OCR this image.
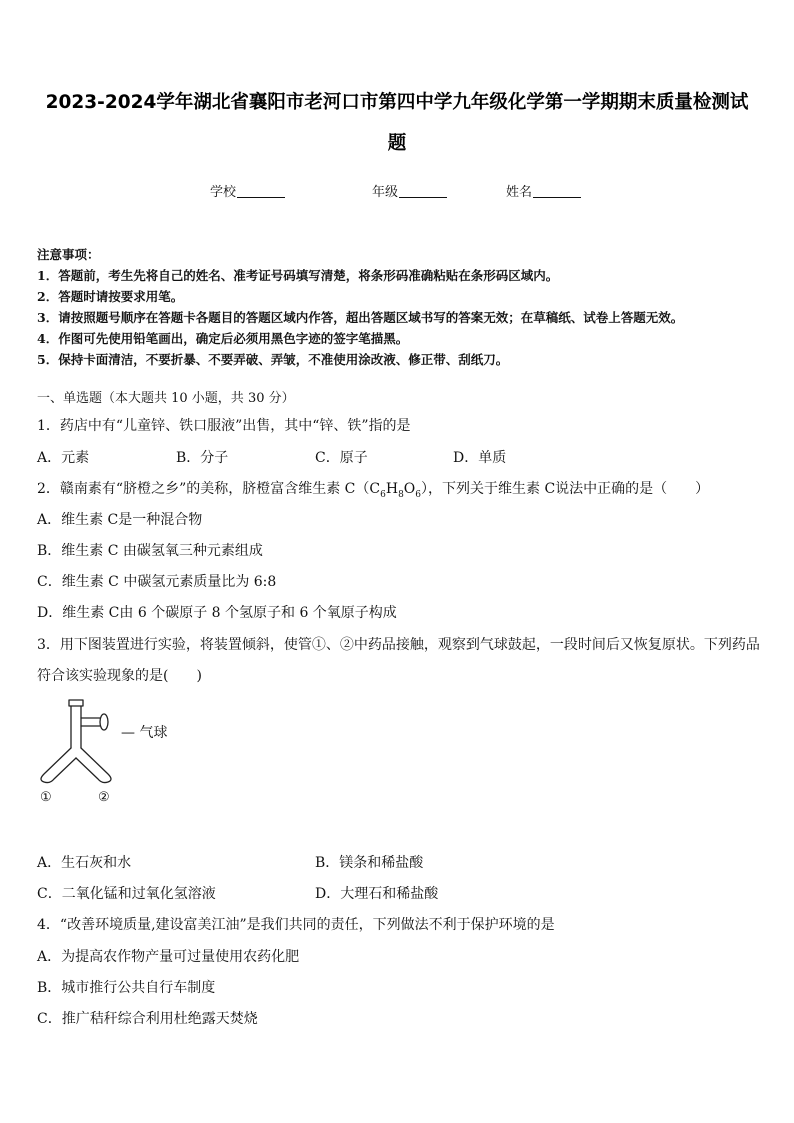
2023-2024学年湖北省襄阳市老河口市第四中学九年级化学第一学期期末质量检测试
题
学校	年级	姓名
注意事项：
1．答题前，考生先将自己的姓名、准考证号码填写清楚，将条形码准确粘贴在条形码区域内。
2．答题时请按要求用笔。
3．请按照题号顺序在答题卡各题目的答题区域内作答，超出答题区域书写的答案无效；在草稿纸、试卷上答题无效。
4．作图可先使用铅笔画出，确定后必须用黑色字迹的签字笔描黑。
5．保持卡面清洁，不要折暴、不要弄破、弄皱，不准使用涂改液、修正带、刮纸刀。
一、单选题（本大题共 10 小题，共 30 分）
1．药店中有“儿童锌、铁口服液”出售，其中“锌、铁”指的是
A．元素	B．分子	C．原子	D．单质
2．赣南素有“脐橙之乡”的美称，脐橙富含维生素 $C(C_6H_8O_6)$，下列关于维生素 C说法中正确的是（　　）
A．维生素 C是一种混合物
B．维生素 C 由碳氢氧三种元素组成
C．维生素 C 中碳氢元素质量比为 6:8
D．维生素 C由 6 个碳原子 8 个氢原子和 6 个氧原子构成
3．用下图装置进行实验，将装置倾斜，使管①、②中药品接触，观察到气球鼓起，一段时间后又恢复原状。下列药品
符合该实验现象的是(　　)
— 气球
①	②
A．生石灰和水	B．镁条和稀盐酸
C．二氧化锰和过氧化氢溶液	D．大理石和稀盐酸
4．“改善环境质量,建设富美江油”是我们共同的责任，下列做法不利于保护环境的是
A．为提高农作物产量可过量使用农药化肥
B．城市推行公共自行车制度
C．推广秸秆综合利用杜绝露天焚烧
